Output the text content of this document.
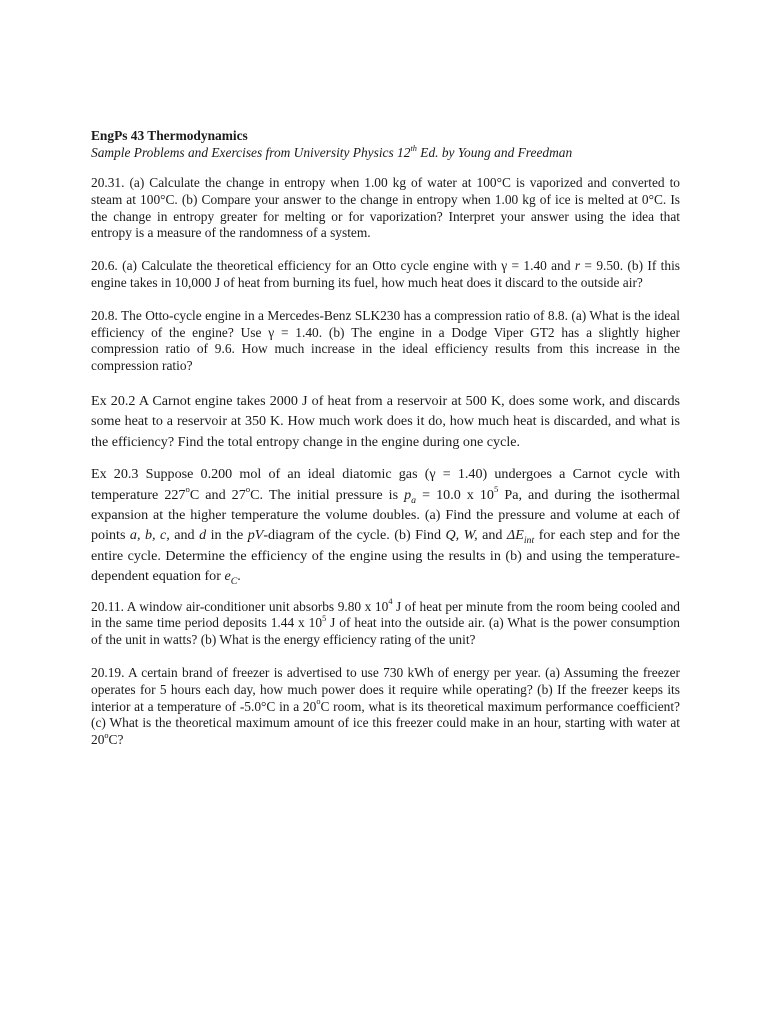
EngPs 43 Thermodynamics

Sample Problems and Exercises from University Physics 12th Ed. by Young and Freedman

20.31. (a) Calculate the change in entropy when 1.00 kg of water at 100°C is vaporized and converted to steam at 100°C. (b) Compare your answer to the change in entropy when 1.00 kg of ice is melted at 0°C. Is the change in entropy greater for melting or for vaporization? Interpret your answer using the idea that entropy is a measure of the randomness of a system.

20.6. (a) Calculate the theoretical efficiency for an Otto cycle engine with γ = 1.40 and r = 9.50. (b) If this engine takes in 10,000 J of heat from burning its fuel, how much heat does it discard to the outside air?

20.8. The Otto-cycle engine in a Mercedes-Benz SLK230 has a compression ratio of 8.8. (a) What is the ideal efficiency of the engine? Use γ = 1.40. (b) The engine in a Dodge Viper GT2 has a slightly higher compression ratio of 9.6. How much increase in the ideal efficiency results from this increase in the compression ratio?

Ex 20.2 A Carnot engine takes 2000 J of heat from a reservoir at 500 K, does some work, and discards some heat to a reservoir at 350 K. How much work does it do, how much heat is discarded, and what is the efficiency? Find the total entropy change in the engine during one cycle.

Ex 20.3 Suppose 0.200 mol of an ideal diatomic gas (γ = 1.40) undergoes a Carnot cycle with temperature 227$^o$C and 27$^o$C. The initial pressure is $p_a = 10.0$ x $10^5$ Pa, and during the isothermal expansion at the higher temperature the volume doubles. (a) Find the pressure and volume at each of points a, b, c, and d in the pV-diagram of the cycle. (b) Find Q, W, and $\Delta E_{int}$ for each step and for the entire cycle. Determine the efficiency of the engine using the results in (b) and using the temperature-dependent equation for $e_C$.

20.11. A window air-conditioner unit absorbs 9.80 x $10^4$ J of heat per minute from the room being cooled and in the same time period deposits 1.44 x $10^5$ J of heat into the outside air. (a) What is the power consumption of the unit in watts? (b) What is the energy efficiency rating of the unit?

20.19. A certain brand of freezer is advertised to use 730 kWh of energy per year. (a) Assuming the freezer operates for 5 hours each day, how much power does it require while operating? (b) If the freezer keeps its interior at a temperature of -5.0°C in a 20$^o$C room, what is its theoretical maximum performance coefficient? (c) What is the theoretical maximum amount of ice this freezer could make in an hour, starting with water at 20$^o$C?
